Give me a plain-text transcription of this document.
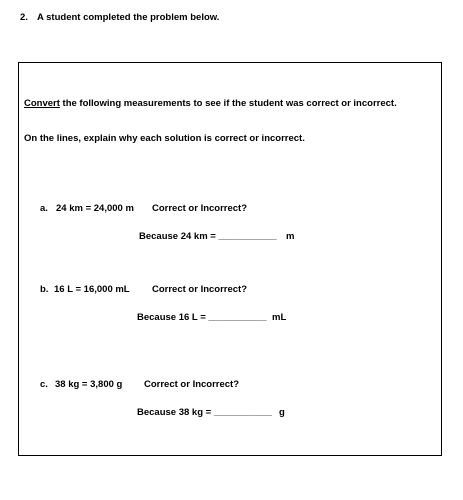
2. A student completed the problem below.
Convert the following measurements to see if the student was correct or incorrect.
On the lines, explain why each solution is correct or incorrect.
a. 24 km = 24,000 m Correct or Incorrect?
Because 24 km = ___________ m
b. 16 L = 16,000 mL Correct or Incorrect?
Because 16 L = ___________ mL
c. 38 kg = 3,800 g Correct or Incorrect?
Because 38 kg = ___________ g
